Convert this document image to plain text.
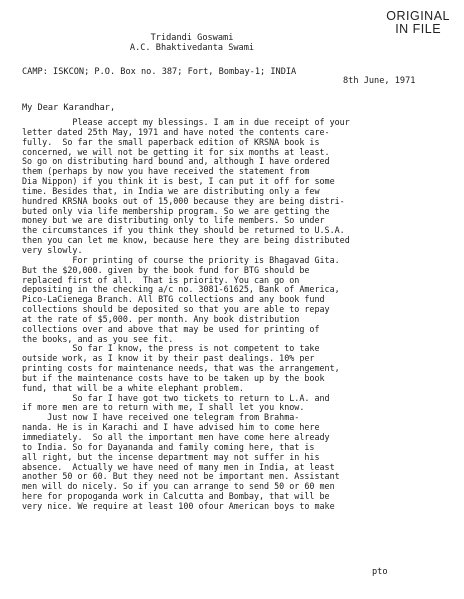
ORIGINAL
IN FILE
Tridandi Goswami
A.C. Bhaktivedanta Swami
CAMP: ISKCON; P.O. Box no. 387; Fort, Bombay-1; INDIA
8th June, 1971
My Dear Karandhar,
Please accept my blessings. I am in due receipt of your
letter dated 25th May, 1971 and have noted the contents care-
fully.  So far the small paperback edition of KRSNA book is
concerned, we will not be getting it for six months at least.
So go on distributing hard bound and, although I have ordered
them (perhaps by now you have received the statement from
Dia Nippon) if you think it is best, I can put it off for some
time. Besides that, in India we are distributing only a few
hundred KRSNA books out of 15,000 because they are being distri-
buted only via life membership program. So we are getting the
money but we are distributing only to life members. So under
the circumstances if you think they should be returned to U.S.A.
then you can let me know, because here they are being distributed
very slowly.
For printing of course the priority is Bhagavad Gita.
But the $20,000. given by the book fund for BTG should be
replaced first of all.  That is priority. You can go on
depositing in the checking a/c no. 3081-61625, Bank of America,
Pico-LaCienega Branch. All BTG collections and any book fund
collections should be deposited so that you are able to repay
at the rate of $5,000. per month. Any book distribution
collections over and above that may be used for printing of
the books, and as you see fit.
So far I know, the press is not competent to take
outside work, as I know it by their past dealings. 10% per
printing costs for maintenance needs, that was the arrangement,
but if the maintenance costs have to be taken up by the book
fund, that will be a white elephant problem.
So far I have got two tickets to return to L.A. and
if more men are to return with me, I shall let you know.
Just now I have received one telegram from Brahma-
nanda. He is in Karachi and I have advised him to come here
immediately.  So all the important men have come here already
to India. So for Dayananda and family coming here, that is
all right, but the incense department may not suffer in his
absence.  Actually we have need of many men in India, at least
another 50 or 60. But they need not be important men. Assistant
men will do nicely. So if you can arrange to send 50 or 60 men
here for propoganda work in Calcutta and Bombay, that will be
very nice. We require at least 100 ofour American boys to make
pto
